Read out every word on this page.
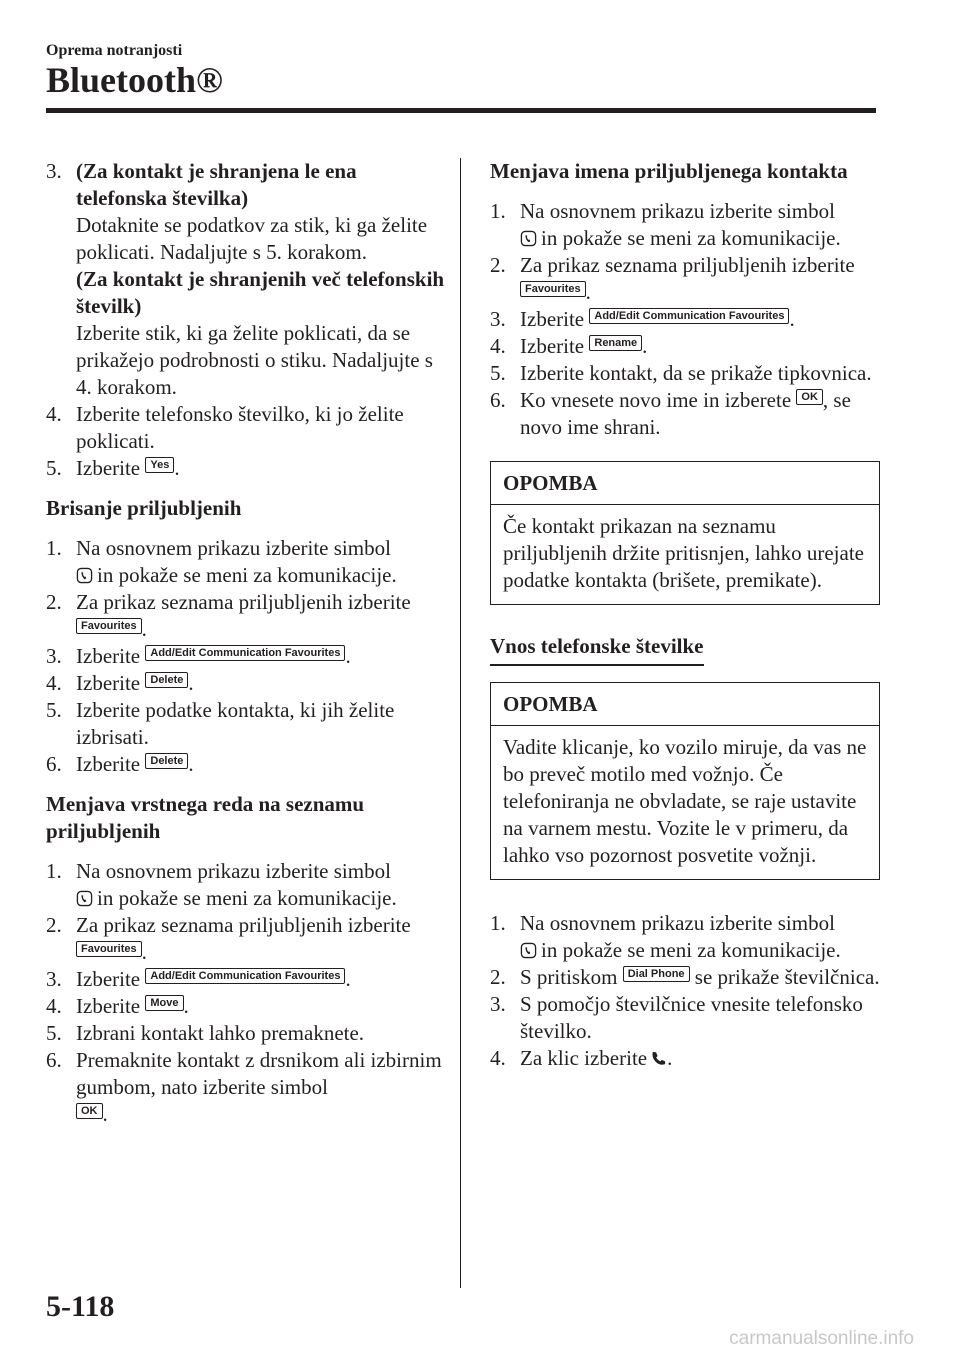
Oprema notranjosti
Bluetooth®
3. (Za kontakt je shranjena le ena telefonska številka)

Dotaknite se podatkov za stik, ki ga želite poklicati. Nadaljujte s 5. korakom.

(Za kontakt je shranjenih več telefonskih številk)

Izberite stik, ki ga želite poklicati, da se prikažejo podrobnosti o stiku. Nadaljujte s 4. korakom.

4. Izberite telefonsko številko, ki jo želite poklicati.

5. Izberite Yes .

Brisanje priljubljenih

1. Na osnovnem prikazu izberite simbol
in pokaže se meni za komunikacije.

2. Za prikaz seznama priljubljenih izberite Favourites .

3. Izberite Add/Edit Communication Favourites .

4. Izberite Delete .

5. Izberite podatke kontakta, ki jih želite izbrisati.

6. Izberite Delete .

Menjava vrstnega reda na seznamu priljubljenih

1. Na osnovnem prikazu izberite simbol
in pokaže se meni za komunikacije.

2. Za prikaz seznama priljubljenih izberite Favourites .

3. Izberite Add/Edit Communication Favourites .

4. Izberite Move .

5. Izbrani kontakt lahko premaknete.

6. Premaknite kontakt z drsnikom ali izbirnim gumbom, nato izberite simbol
OK .

Menjava imena priljubljenega kontakta

1. Na osnovnem prikazu izberite simbol
in pokaže se meni za komunikacije.

2. Za prikaz seznama priljubljenih izberite Favourites .

3. Izberite Add/Edit Communication Favourites .

4. Izberite Rename .

5. Izberite kontakt, da se prikaže tipkovnica.

6. Ko vnesete novo ime in izberete OK , se novo ime shrani.

OPOMBA

Če kontakt prikazan na seznamu priljubljenih držite pritisnjen, lahko urejate podatke kontakta (brišete, premikate).

Vnos telefonske številke

OPOMBA

Vadite klicanje, ko vozilo miruje, da vas ne bo preveč motilo med vožnjo. Če telefoniranja ne obvladate, se raje ustavite na varnem mestu. Vozite le v primeru, da lahko vso pozornost posvetite vožnji.

1. Na osnovnem prikazu izberite simbol
in pokaže se meni za komunikacije.

2. S pritiskom Dial Phone se prikaže številčnica.

3. S pomočjo številčnice vnesite telefonsko številko.

4. Za klic izberite .

5-118
carmanualsonline.info
